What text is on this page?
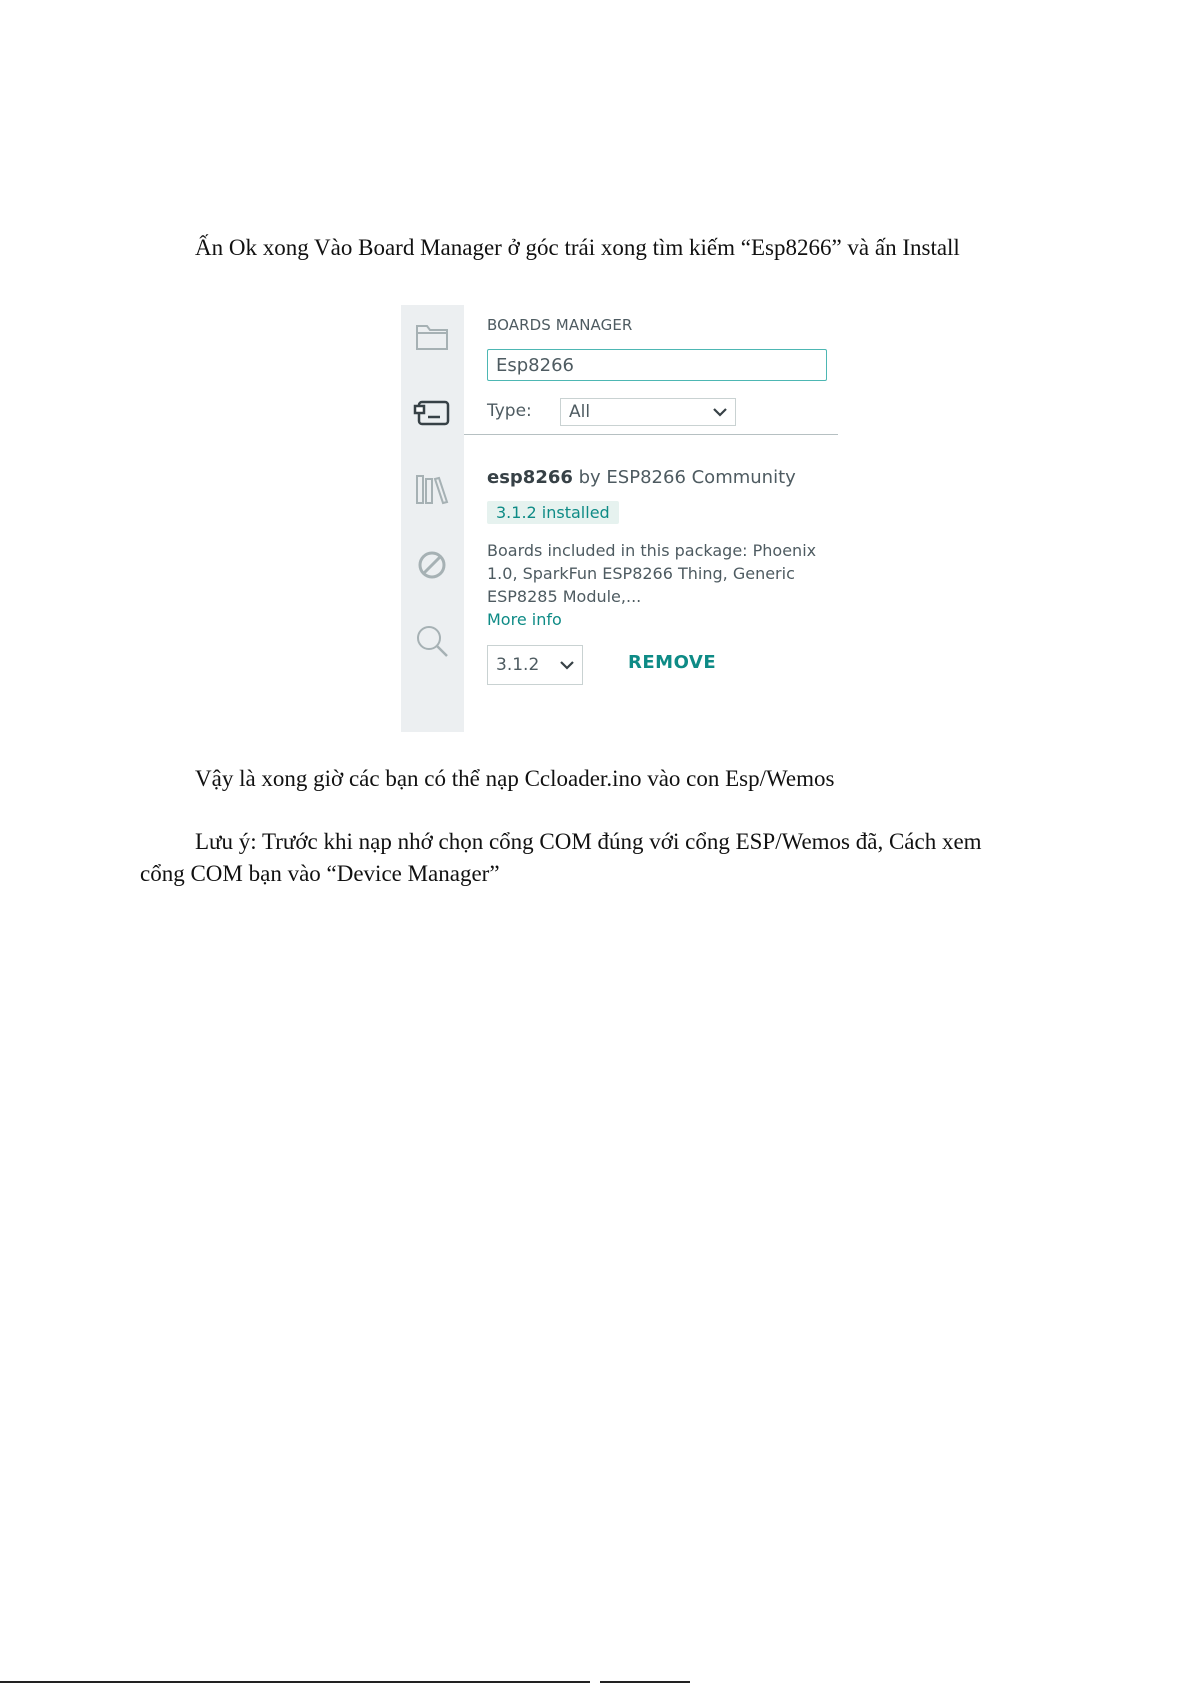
Ấn Ok xong Vào Board Manager ở góc trái xong tìm kiếm “Esp8266” và ấn Install

BOARDS MANAGER
Esp8266
Type: All
esp8266 by ESP8266 Community
3.1.2 installed
Boards included in this package: Phoenix 1.0, SparkFun ESP8266 Thing, Generic ESP8285 Module,...
More info
3.1.2	REMOVE

Vậy là xong giờ các bạn có thể nạp Ccloader.ino vào con Esp/Wemos

Lưu ý: Trước khi nạp nhớ chọn cổng COM đúng với cổng ESP/Wemos đã, Cách xem

cổng COM bạn vào “Device Manager”
